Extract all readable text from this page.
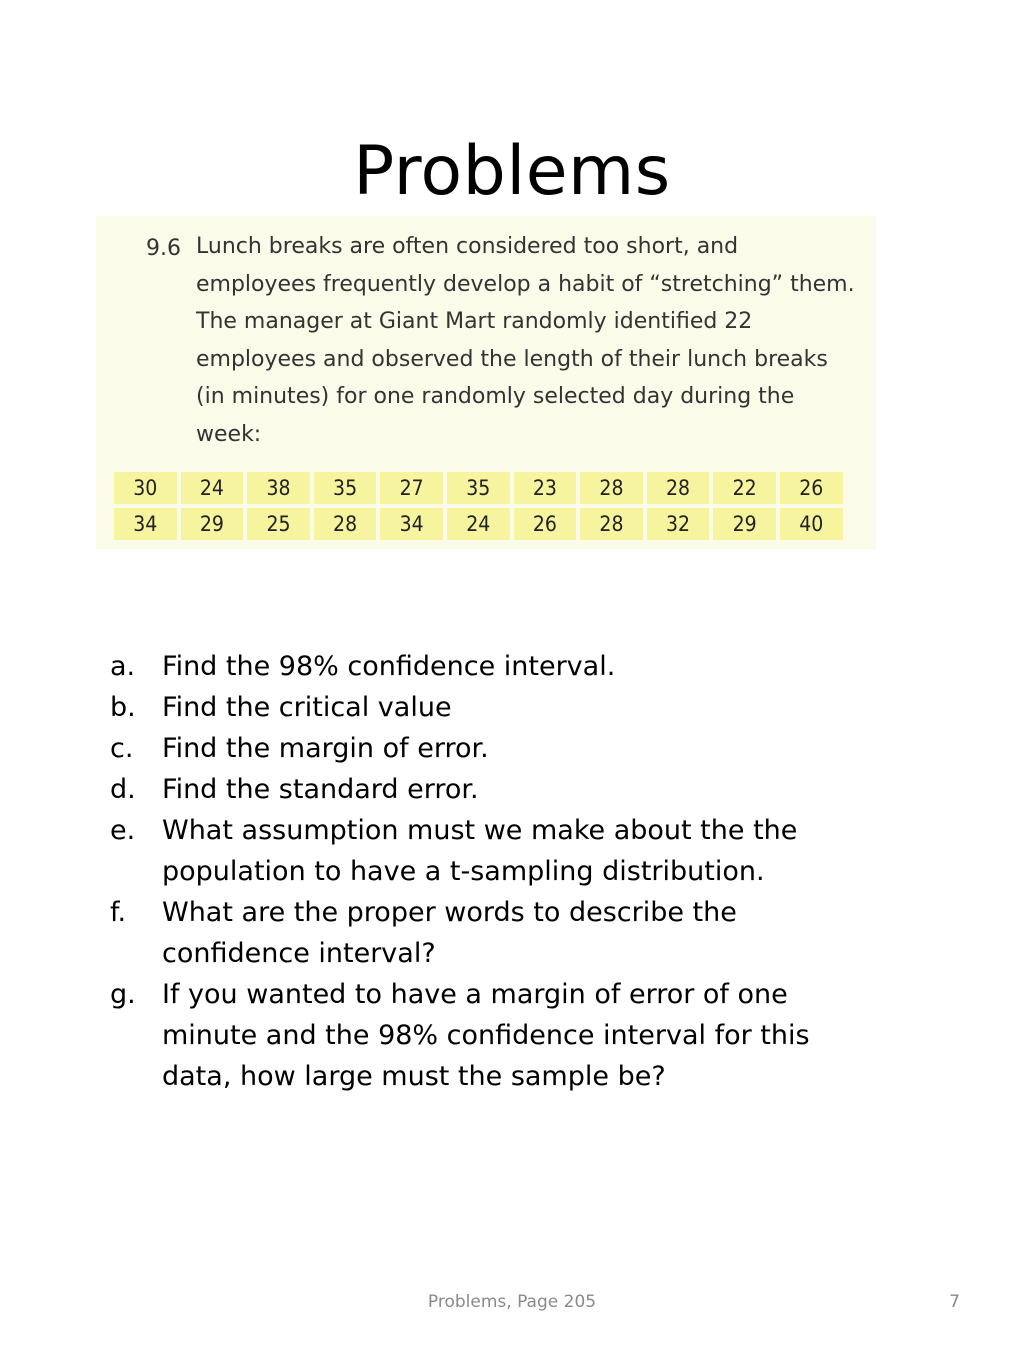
Problems
9.6 Lunch breaks are often considered too short, and employees frequently develop a habit of “stretching” them. The manager at Giant Mart randomly identified 22 employees and observed the length of their lunch breaks (in minutes) for one randomly selected day during the week:

30	24	38	35	27	35	23	28	28	22	26
34	29	25	28	34	24	26	28	32	29	40
a. Find the 98% confidence interval.
b. Find the critical value
c.	Find the margin of error.
d. Find the standard error.
e. What assumption must we make about the the population to have a t-sampling distribution.
f.	What are the proper words to describe the confidence interval?
g. If you wanted to have a margin of error of one minute and the 98% confidence interval for this data, how large must the sample be?
Problems, Page 205	7
